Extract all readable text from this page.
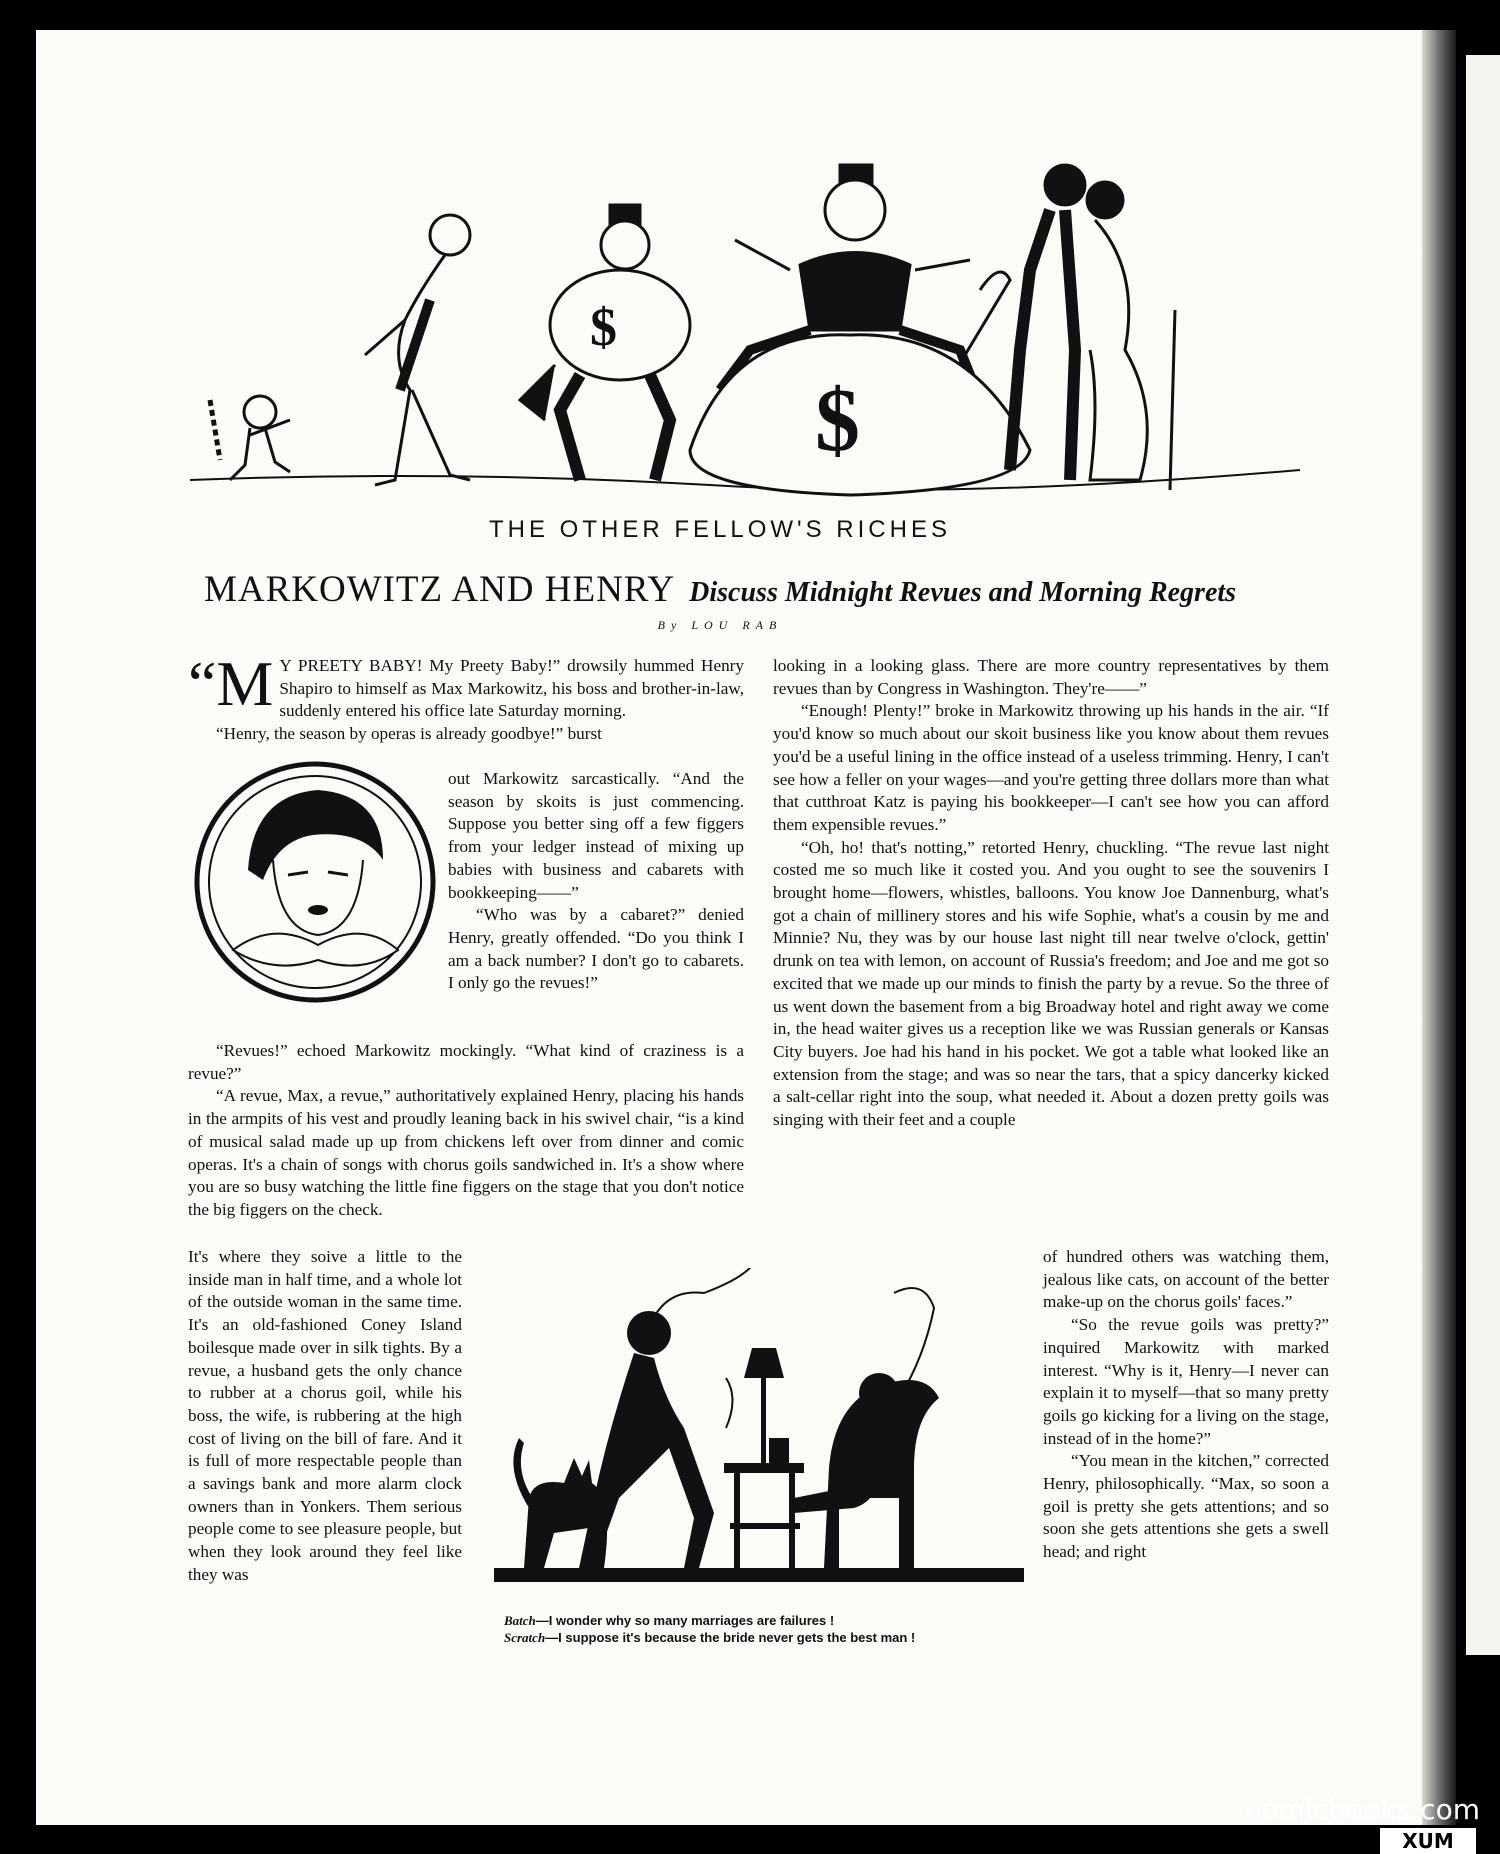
$
$
THE OTHER FELLOW'S RICHES
MARKOWITZ AND HENRY Discuss Midnight Revues and Morning Regrets
By LOU RAB

“M Y PREETY BABY! My Preety Baby!” drowsily hummed Henry Shapiro to himself as Max Markowitz, his boss and brother-in-law, suddenly entered his office late Saturday morning.

“Henry, the season by operas is already goodbye!” burst

out Markowitz sarcastically. “And the season by skoits is just commencing. Suppose you better sing off a few figgers from your ledger instead of mixing up babies with business and cabarets with bookkeeping——”

“Who was by a cabaret?” denied Henry, greatly offended. “Do you think I am a back number? I don't go to cabarets. I only go the revues!”

“Revues!” echoed Markowitz mockingly. “What kind of craziness is a revue?”

“A revue, Max, a revue,” authoritatively explained Henry, placing his hands in the armpits of his vest and proudly leaning back in his swivel chair, “is a kind of musical salad made up up from chickens left over from dinner and comic operas. It's a chain of songs with chorus goils sandwiched in. It's a show where you are so busy watching the little fine figgers on the stage that you don't notice the big figgers on the check.

It's where they soive a little to the inside man in half time, and a whole lot of the outside woman in the same time. It's an old-fashioned Coney Island boilesque made over in silk tights. By a revue, a husband gets the only chance to rubber at a chorus goil, while his boss, the wife, is rubbering at the high cost of living on the bill of fare. And it is full of more respectable people than a savings bank and more alarm clock owners than in Yonkers. Them serious people come to see pleasure people, but when they look around they feel like they was

looking in a looking glass. There are more country representatives by them revues than by Congress in Washington. They're——”

“Enough! Plenty!” broke in Markowitz throwing up his hands in the air. “If you'd know so much about our skoit business like you know about them revues you'd be a useful lining in the office instead of a useless trimming. Henry, I can't see how a feller on your wages—and you're getting three dollars more than what that cutthroat Katz is paying his bookkeeper—I can't see how you can afford them expensible revues.”

“Oh, ho! that's notting,” retorted Henry, chuckling. “The revue last night costed me so much like it costed you. And you ought to see the souvenirs I brought home—flowers, whistles, balloons. You know Joe Dannenburg, what's got a chain of millinery stores and his wife Sophie, what's a cousin by me and Minnie? Nu, they was by our house last night till near twelve o'clock, gettin' drunk on tea with lemon, on account of Russia's freedom; and Joe and me got so excited that we made up our minds to finish the party by a revue. So the three of us went down the basement from a big Broadway hotel and right away we come in, the head waiter gives us a reception like we was Russian generals or Kansas City buyers. Joe had his hand in his pocket. We got a table what looked like an extension from the stage; and was so near the tars, that a spicy dancerky kicked a salt-cellar right into the soup, what needed it. About a dozen pretty goils was singing with their feet and a couple

Batch—I wonder why so many marriages are failures !
Scratch—I suppose it's because the bride never gets the best man !

of hundred others was watching them, jealous like cats, on account of the better make-up on the chorus goils' faces.”

“So the revue goils was pretty?” inquired Markowitz with marked interest. “Why is it, Henry—I never can explain it to myself—that so many pretty goils go kicking for a living on the stage, instead of in the home?”

“You mean in the kitchen,” corrected Henry, philosophically. “Max, so soon a goil is pretty she gets attentions; and so soon she gets attentions she gets a swell head; and right

comicbooks.com
XUM
